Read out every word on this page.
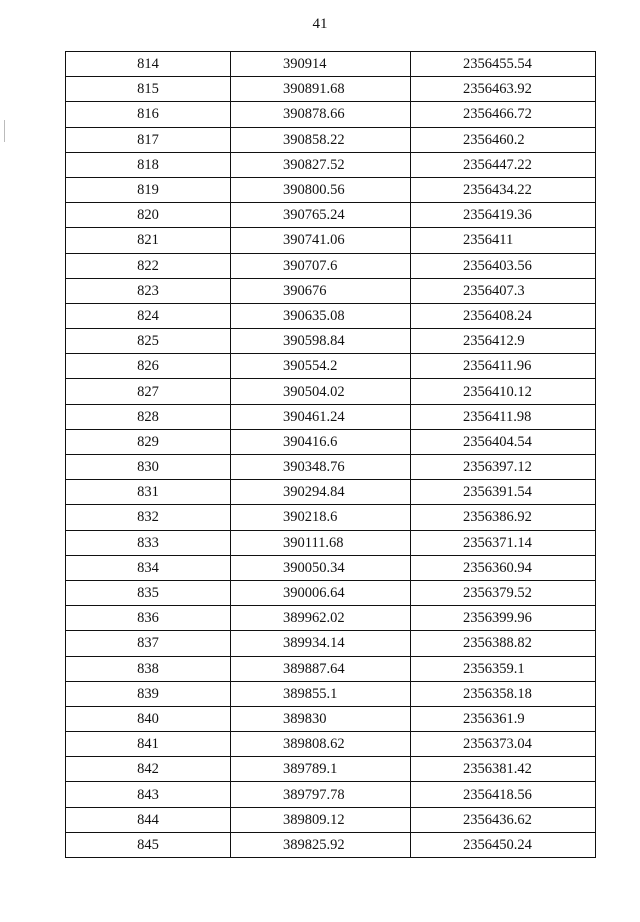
41
814	390914	2356455.54
815	390891.68	2356463.92
816	390878.66	2356466.72
817	390858.22	2356460.2
818	390827.52	2356447.22
819	390800.56	2356434.22
820	390765.24	2356419.36
821	390741.06	2356411
822	390707.6	2356403.56
823	390676	2356407.3
824	390635.08	2356408.24
825	390598.84	2356412.9
826	390554.2	2356411.96
827	390504.02	2356410.12
828	390461.24	2356411.98
829	390416.6	2356404.54
830	390348.76	2356397.12
831	390294.84	2356391.54
832	390218.6	2356386.92
833	390111.68	2356371.14
834	390050.34	2356360.94
835	390006.64	2356379.52
836	389962.02	2356399.96
837	389934.14	2356388.82
838	389887.64	2356359.1
839	389855.1	2356358.18
840	389830	2356361.9
841	389808.62	2356373.04
842	389789.1	2356381.42
843	389797.78	2356418.56
844	389809.12	2356436.62
845	389825.92	2356450.24
